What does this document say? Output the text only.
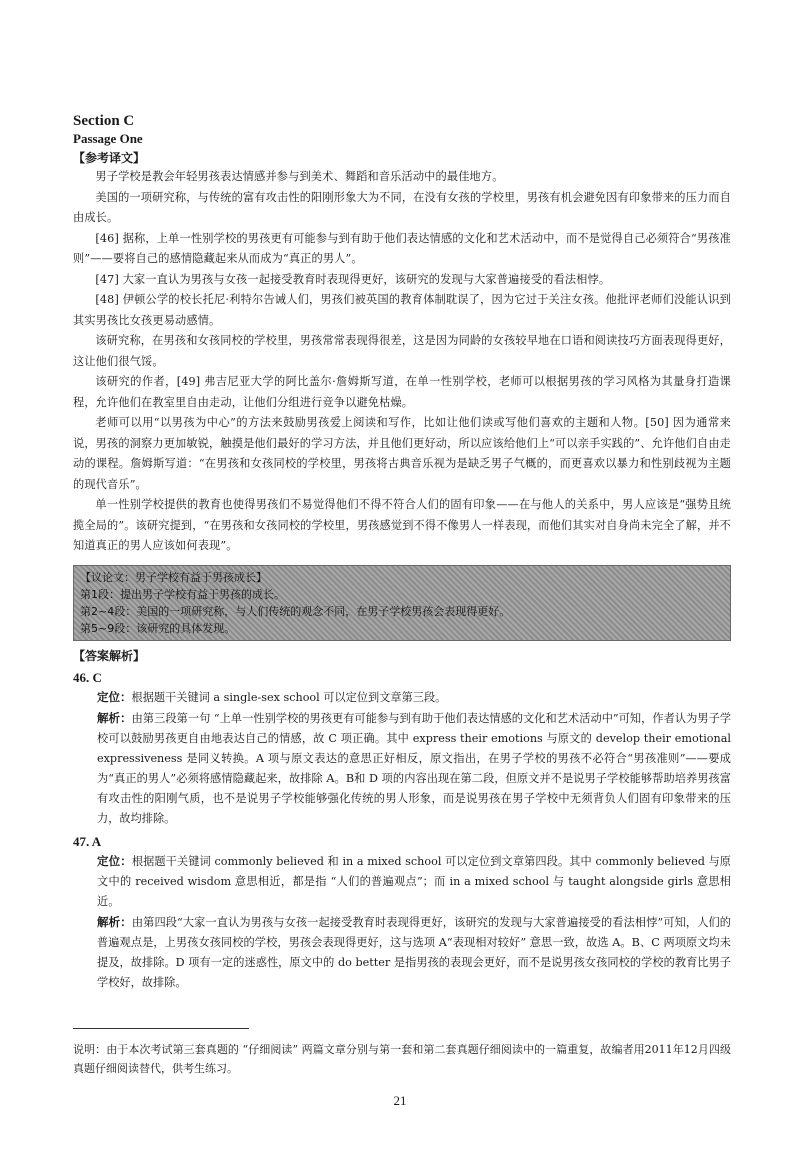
Section C
Passage One
【参考译文】

男子学校是教会年轻男孩表达情感并参与到美术、舞蹈和音乐活动中的最佳地方。

美国的一项研究称，与传统的富有攻击性的阳刚形象大为不同，在没有女孩的学校里，男孩有机会避免因有印象带来的压力而自由成长。

[46] 据称，上单一性别学校的男孩更有可能参与到有助于他们表达情感的文化和艺术活动中，而不是觉得自己必须符合“男孩准则”——要将自己的感情隐藏起来从而成为“真正的男人”。

[47] 大家一直认为男孩与女孩一起接受教育时表现得更好，该研究的发现与大家普遍接受的看法相悖。

[48] 伊顿公学的校长托尼·利特尔告诫人们，男孩们被英国的教育体制耽误了，因为它过于关注女孩。他批评老师们没能认识到其实男孩比女孩更易动感情。

该研究称，在男孩和女孩同校的学校里，男孩常常表现得很差，这是因为同龄的女孩较早地在口语和阅读技巧方面表现得更好，这让他们很气馁。

该研究的作者，[49] 弗吉尼亚大学的阿比盖尔·詹姆斯写道，在单一性别学校，老师可以根据男孩的学习风格为其量身打造课程，允许他们在教室里自由走动，让他们分组进行竞争以避免枯燥。

老师可以用“以男孩为中心”的方法来鼓励男孩爱上阅读和写作，比如让他们读或写他们喜欢的主题和人物。[50] 因为通常来说，男孩的洞察力更加敏锐，触摸是他们最好的学习方法，并且他们更好动，所以应该给他们上“可以亲手实践的”、允许他们自由走动的课程。詹姆斯写道：“在男孩和女孩同校的学校里，男孩将古典音乐视为是缺乏男子气概的，而更喜欢以暴力和性别歧视为主题的现代音乐”。

单一性别学校提供的教育也使得男孩们不易觉得他们不得不符合人们的固有印象——在与他人的关系中，男人应该是“强势且统揽全局的”。该研究提到，“在男孩和女孩同校的学校里，男孩感觉到不得不像男人一样表现，而他们其实对自身尚未完全了解，并不知道真正的男人应该如何表现”。

【议论文：男子学校有益于男孩成长】
第1段：提出男子学校有益于男孩的成长。
第2~4段：美国的一项研究称，与人们传统的观念不同，在男子学校男孩会表现得更好。
第5~9段：该研究的具体发现。
【答案解析】
46. C

定位：根据题干关键词 a single-sex school 可以定位到文章第三段。

解析：由第三段第一句 “上单一性别学校的男孩更有可能参与到有助于他们表达情感的文化和艺术活动中”可知，作者认为男子学校可以鼓励男孩更自由地表达自己的情感，故 C 项正确。其中 express their emotions 与原文的 develop their emotional expressiveness 是同义转换。A 项与原文表达的意思正好相反，原文指出，在男子学校的男孩不必符合“男孩准则”——要成为“真正的男人”必须将感情隐藏起来，故排除 A。B和 D 项的内容出现在第二段，但原文并不是说男子学校能够帮助培养男孩富有攻击性的阳刚气质，也不是说男子学校能够强化传统的男人形象，而是说男孩在男子学校中无须背负人们固有印象带来的压力，故均排除。

47. A

定位：根据题干关键词 commonly believed 和 in a mixed school 可以定位到文章第四段。其中 commonly believed 与原文中的 received wisdom 意思相近，都是指 “人们的普遍观点”；而 in a mixed school 与 taught alongside girls 意思相近。

解析：由第四段“大家一直认为男孩与女孩一起接受教育时表现得更好，该研究的发现与大家普遍接受的看法相悖”可知，人们的普遍观点是，上男孩女孩同校的学校，男孩会表现得更好，这与选项 A“表现相对较好” 意思一致，故选 A。B、C 两项原文均未提及，故排除。D 项有一定的迷惑性，原文中的 do better 是指男孩的表现会更好，而不是说男孩女孩同校的学校的教育比男子学校好，故排除。

说明：由于本次考试第三套真题的 “仔细阅读” 两篇文章分别与第一套和第二套真题仔细阅读中的一篇重复，故编者用2011年12月四级真题仔细阅读替代，供考生练习。
21
